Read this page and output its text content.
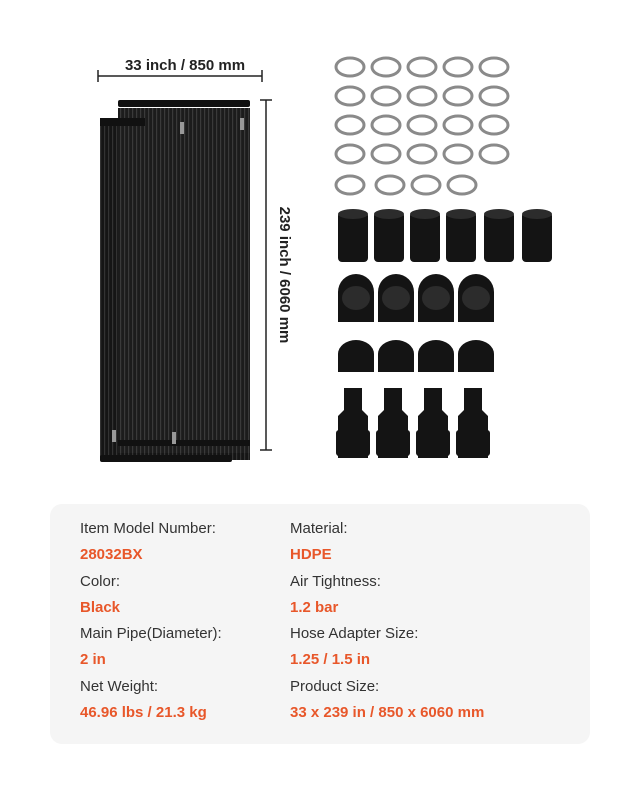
33 inch / 850 mm
239 inch / 6060 mm
Item Model Number:
28032BX
Color:
Black
Main Pipe(Diameter):
2 in
Net Weight:
46.96 lbs / 21.3 kg
Material:
HDPE
Air Tightness:
1.2 bar
Hose Adapter Size:
1.25 / 1.5 in
Product Size:
33 x 239 in / 850 x 6060 mm
